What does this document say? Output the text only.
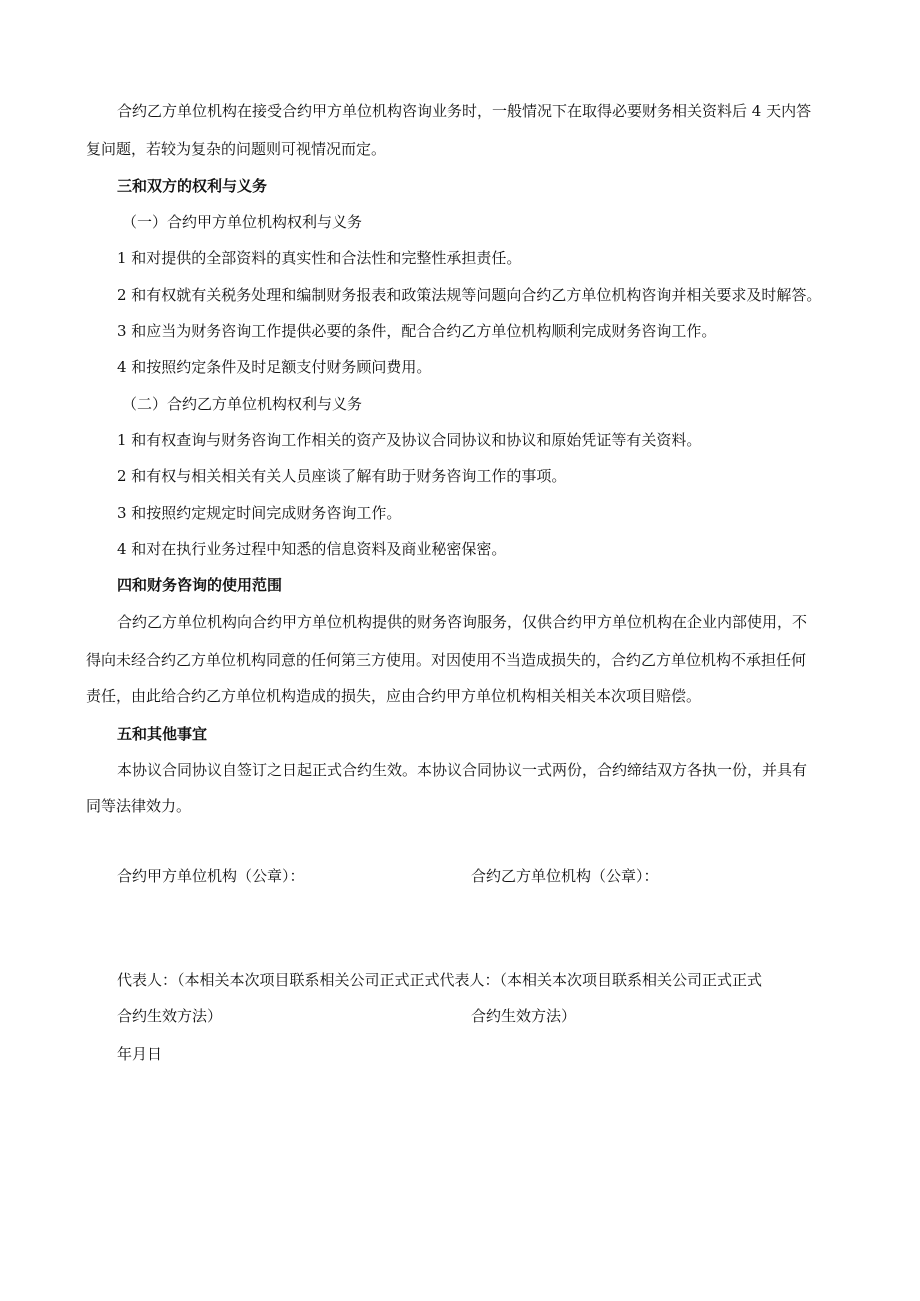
合约乙方单位机构在接受合约甲方单位机构咨询业务时，一般情况下在取得必要财务相关资料后 4 天内答
复问题，若较为复杂的问题则可视情况而定。
三和双方的权利与义务
（一）合约甲方单位机构权利与义务
1 和对提供的全部资料的真实性和合法性和完整性承担责任。
2 和有权就有关税务处理和编制财务报表和政策法规等问题向合约乙方单位机构咨询并相关要求及时解答。
3 和应当为财务咨询工作提供必要的条件，配合合约乙方单位机构顺利完成财务咨询工作。
4 和按照约定条件及时足额支付财务顾问费用。
（二）合约乙方单位机构权利与义务
1 和有权查询与财务咨询工作相关的资产及协议合同协议和协议和原始凭证等有关资料。
2 和有权与相关相关有关人员座谈了解有助于财务咨询工作的事项。
3 和按照约定规定时间完成财务咨询工作。
4 和对在执行业务过程中知悉的信息资料及商业秘密保密。
四和财务咨询的使用范围
合约乙方单位机构向合约甲方单位机构提供的财务咨询服务，仅供合约甲方单位机构在企业内部使用，不
得向未经合约乙方单位机构同意的任何第三方使用。对因使用不当造成损失的，合约乙方单位机构不承担任何
责任，由此给合约乙方单位机构造成的损失，应由合约甲方单位机构相关相关本次项目赔偿。
五和其他事宜
本协议合同协议自签订之日起正式合约生效。本协议合同协议一式两份，合约缔结双方各执一份，并具有
同等法律效力。
合约甲方单位机构（公章）：	合约乙方单位机构（公章）：
代表人：（本相关本次项目联系相关公司正式正式代表人：（本相关本次项目联系相关公司正式正式
合约生效方法）	合约生效方法）
年月日
